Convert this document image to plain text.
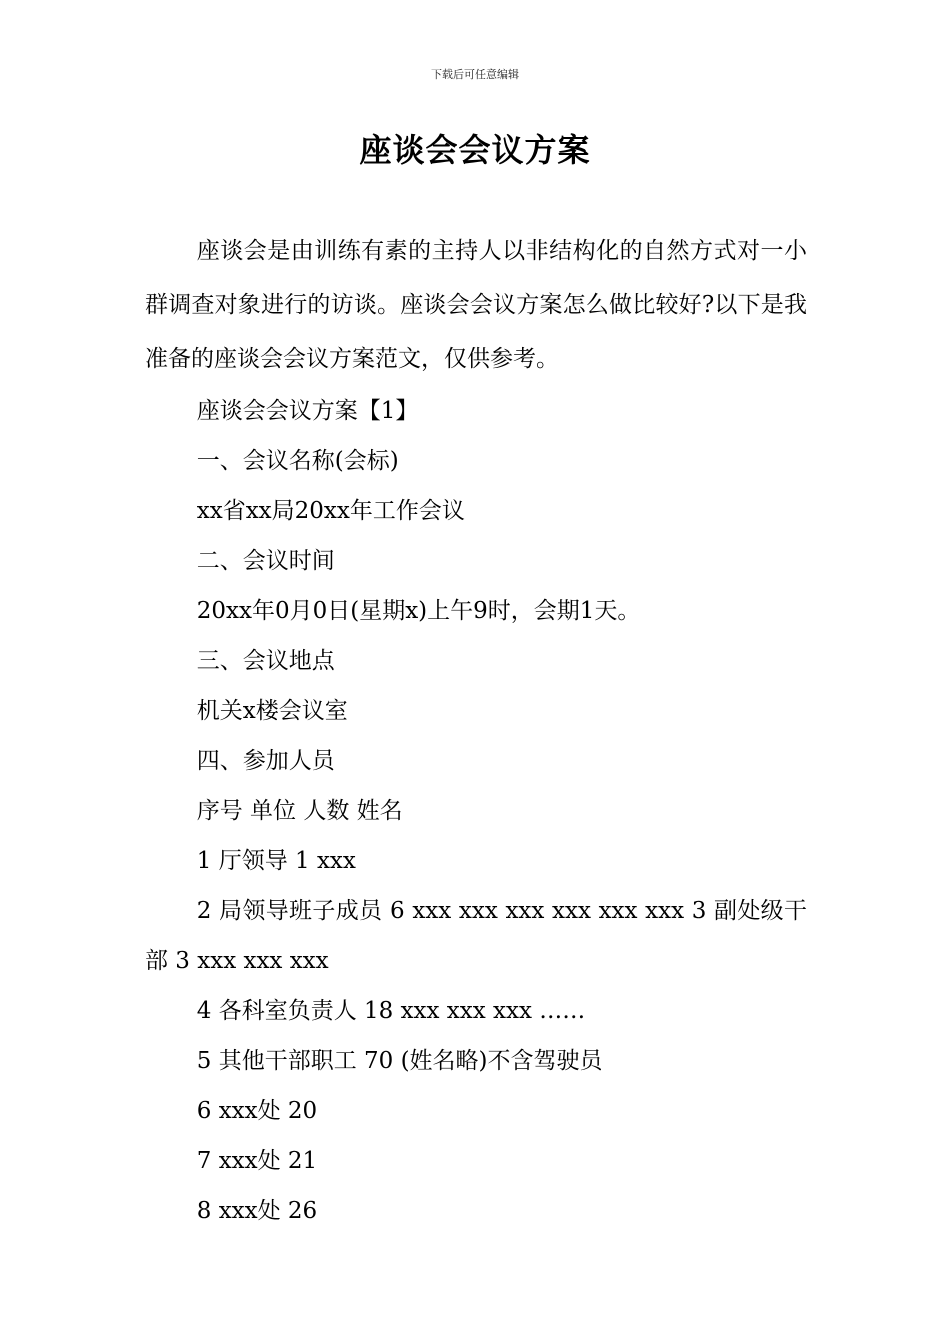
下载后可任意编辑
座谈会会议方案

座谈会是由训练有素的主持人以非结构化的自然方式对一小群调查对象进行的访谈。座谈会会议方案怎么做比较好?以下是我准备的座谈会会议方案范文，仅供参考。

座谈会会议方案【1】

一、会议名称(会标)

xx省xx局20xx年工作会议

二、会议时间

20xx年0月0日(星期x)上午9时，会期1天。

三、会议地点

机关x楼会议室

四、参加人员

序号 单位 人数 姓名

1 厅领导 1 xxx

2 局领导班子成员 6 xxx xxx xxx xxx xxx xxx 3 副处级干部 3 xxx xxx xxx

4 各科室负责人 18 xxx xxx xxx ……

5 其他干部职工 70 (姓名略)不含驾驶员

6 xxx处 20

7 xxx处 21

8 xxx处 26
